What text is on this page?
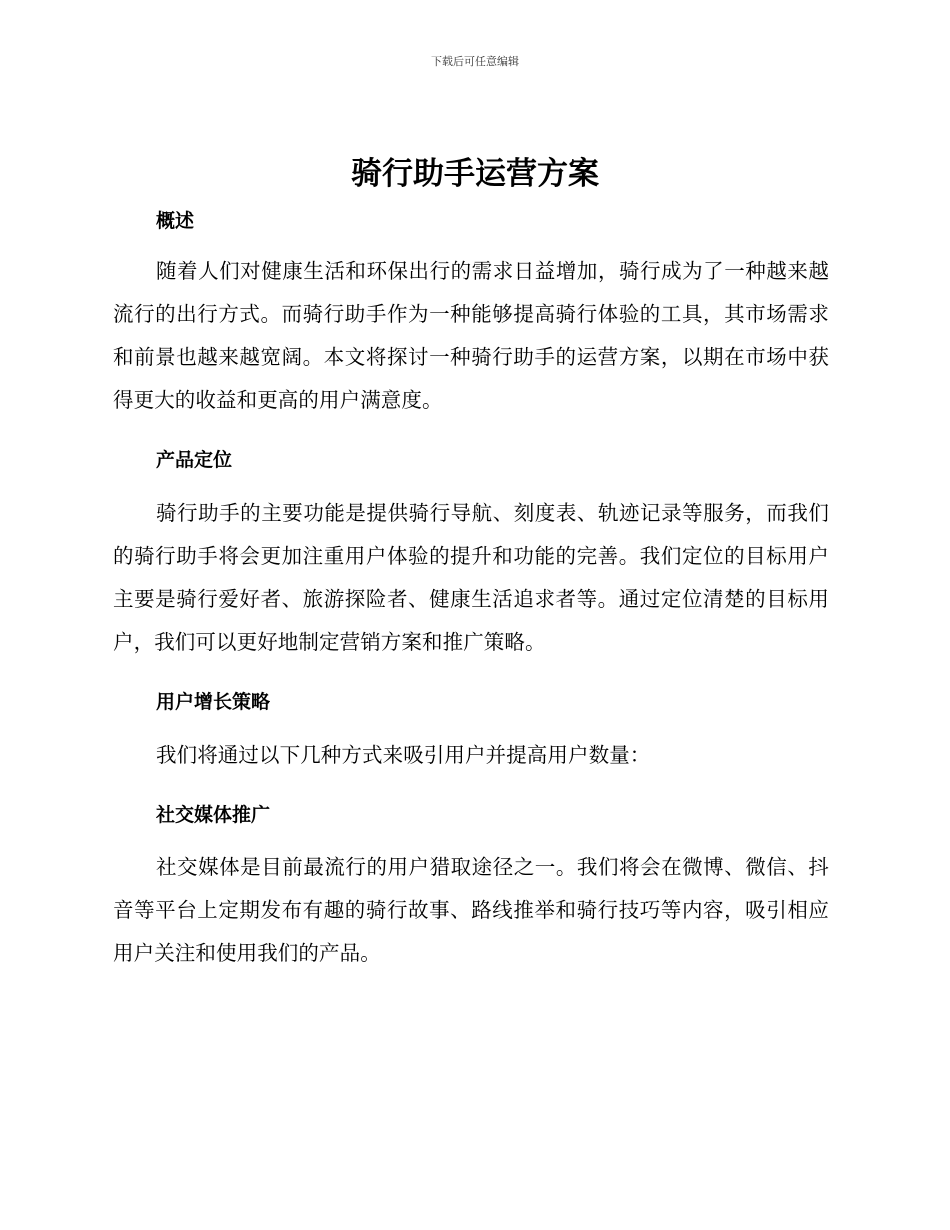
下载后可任意编辑
骑行助手运营方案
概述

随着人们对健康生活和环保出行的需求日益增加，骑行成为了一种越来越流行的出行方式。而骑行助手作为一种能够提高骑行体验的工具，其市场需求和前景也越来越宽阔。本文将探讨一种骑行助手的运营方案，以期在市场中获得更大的收益和更高的用户满意度。

产品定位

骑行助手的主要功能是提供骑行导航、刻度表、轨迹记录等服务，而我们的骑行助手将会更加注重用户体验的提升和功能的完善。我们定位的目标用户主要是骑行爱好者、旅游探险者、健康生活追求者等。通过定位清楚的目标用户，我们可以更好地制定营销方案和推广策略。

用户增长策略

我们将通过以下几种方式来吸引用户并提高用户数量：

社交媒体推广

社交媒体是目前最流行的用户猎取途径之一。我们将会在微博、微信、抖音等平台上定期发布有趣的骑行故事、路线推举和骑行技巧等内容，吸引相应用户关注和使用我们的产品。
